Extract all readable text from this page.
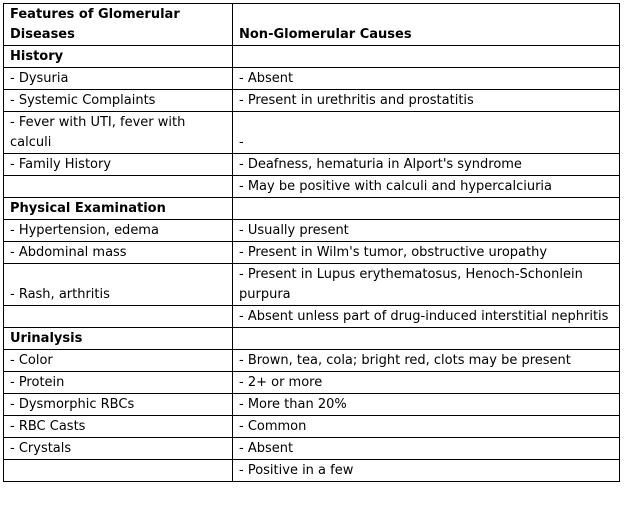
Features of Glomerular Diseases	Non-Glomerular Causes
History	
- Dysuria	- Absent
- Systemic Complaints	- Present in urethritis and prostatitis
- Fever with UTI, fever with calculi	-
- Family History	- Deafness, hematuria in Alport's syndrome
	- May be positive with calculi and hypercalciuria
Physical Examination	
- Hypertension, edema	- Usually present
- Abdominal mass	- Present in Wilm's tumor, obstructive uropathy
- Rash, arthritis	- Present in Lupus erythematosus, Henoch-Schonlein purpura
	- Absent unless part of drug-induced interstitial nephritis
Urinalysis	
- Color	- Brown, tea, cola; bright red, clots may be present
- Protein	- 2+ or more
- Dysmorphic RBCs	- More than 20%
- RBC Casts	- Common
- Crystals	- Absent
	- Positive in a few
